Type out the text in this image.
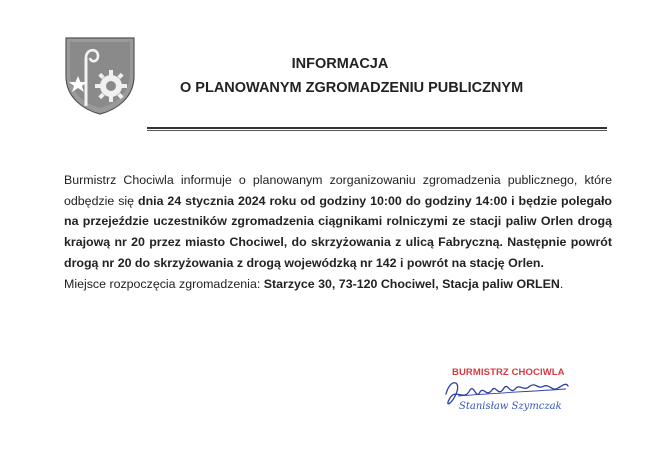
INFORMACJA
O PLANOWANYM ZGROMADZENIU PUBLICZNYM

Burmistrz Chociwla informuje o planowanym zorganizowaniu zgromadzenia publicznego, które odbędzie się dnia 24 stycznia 2024 roku od godziny 10:00 do godziny 14:00 i będzie polegało na przejeździe uczestników zgromadzenia ciągnikami rolniczymi ze stacji paliw Orlen drogą krajową nr 20 przez miasto Chociwel, do skrzyżowania z ulicą Fabryczną. Następnie powrót drogą nr 20 do skrzyżowania z drogą wojewódzką nr 142 i powrót na stację Orlen.

Miejsce rozpoczęcia zgromadzenia: Starzyce 30, 73-120 Chociwel, Stacja paliw ORLEN.

BURMISTRZ CHOCIWLA
Stanisław Szymczak
